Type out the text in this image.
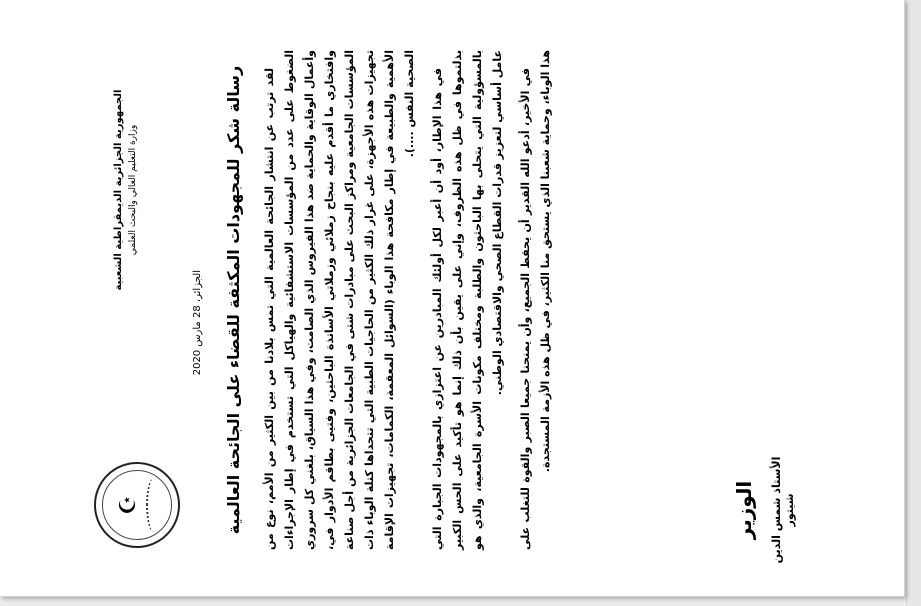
الجمهورية الجزائرية الديمقراطية الشعبية وزارة التعليم العالي والبحث العلمي
☪
الجزائر، 28 مارس 2020 رسالة شكر للمجهودات المكثفة للقضاء على الجائحة العالمية لقد ترتب عن انتشار الجائحة العالمية التي تمس بلادنا من بين الكثير من الأمم، نوع من الضغوط على عدد من المؤسسات الاستشفائية والهياكل التي تستخدم في إطار الإجراءات وأعمال الوقاية والحماية ضد هذا الفيروس الذي الصامت، وفي هذا السياق، بلغني كل سروري وافتخاري ما أقدم عليه بنجاح زملائي وزملاتي الأساتذة الباحثين، وفتيى بطاقم الأدوار في، المؤسسات الجامعية ومراكز البحث على مبادرات شتى في الجامعات الجزائرية من أجل صناعة تجهيزات هذه الأجهزة، على غرار ذلك الكثير من الحاجيات الطبية التي تتحداها كتلة الوباء ذات الأهمية والطبيعة في إطار مكافحة هذا الوباء (السوائل المعقمة، الكمامات، تجهيزات الإقامة الصحية النفس ....).	في هذا الإطار، أود أن أعبر لكل أولئك المبادرين عن اعتزازي بالمجهودات الجبارة التي بذلتموها في ظل هذه الظروف، وإني على يقين بأن ذلك إنما هو تأكيد على الحس الكبير بالمسؤولية التي يتحلى بها الباحثون والطلبة ومختلف مكونات الأسرة الجامعية، والذي هو عامل أساسي لتعزيز قدرات القطاع الصحي والاقتصادي الوطني.	في الأخير، أدعو الله القدير أن يحفظ الجميع، وأن يمنحنا جميعا الصبر والقوة للتغلب على هذا الوباء، وحماية شعبنا الذي يستحق منا الكثير، في ظل هذه الأزمة المستجدة.

الوزير الأستاذ شمس الدين شيتور
